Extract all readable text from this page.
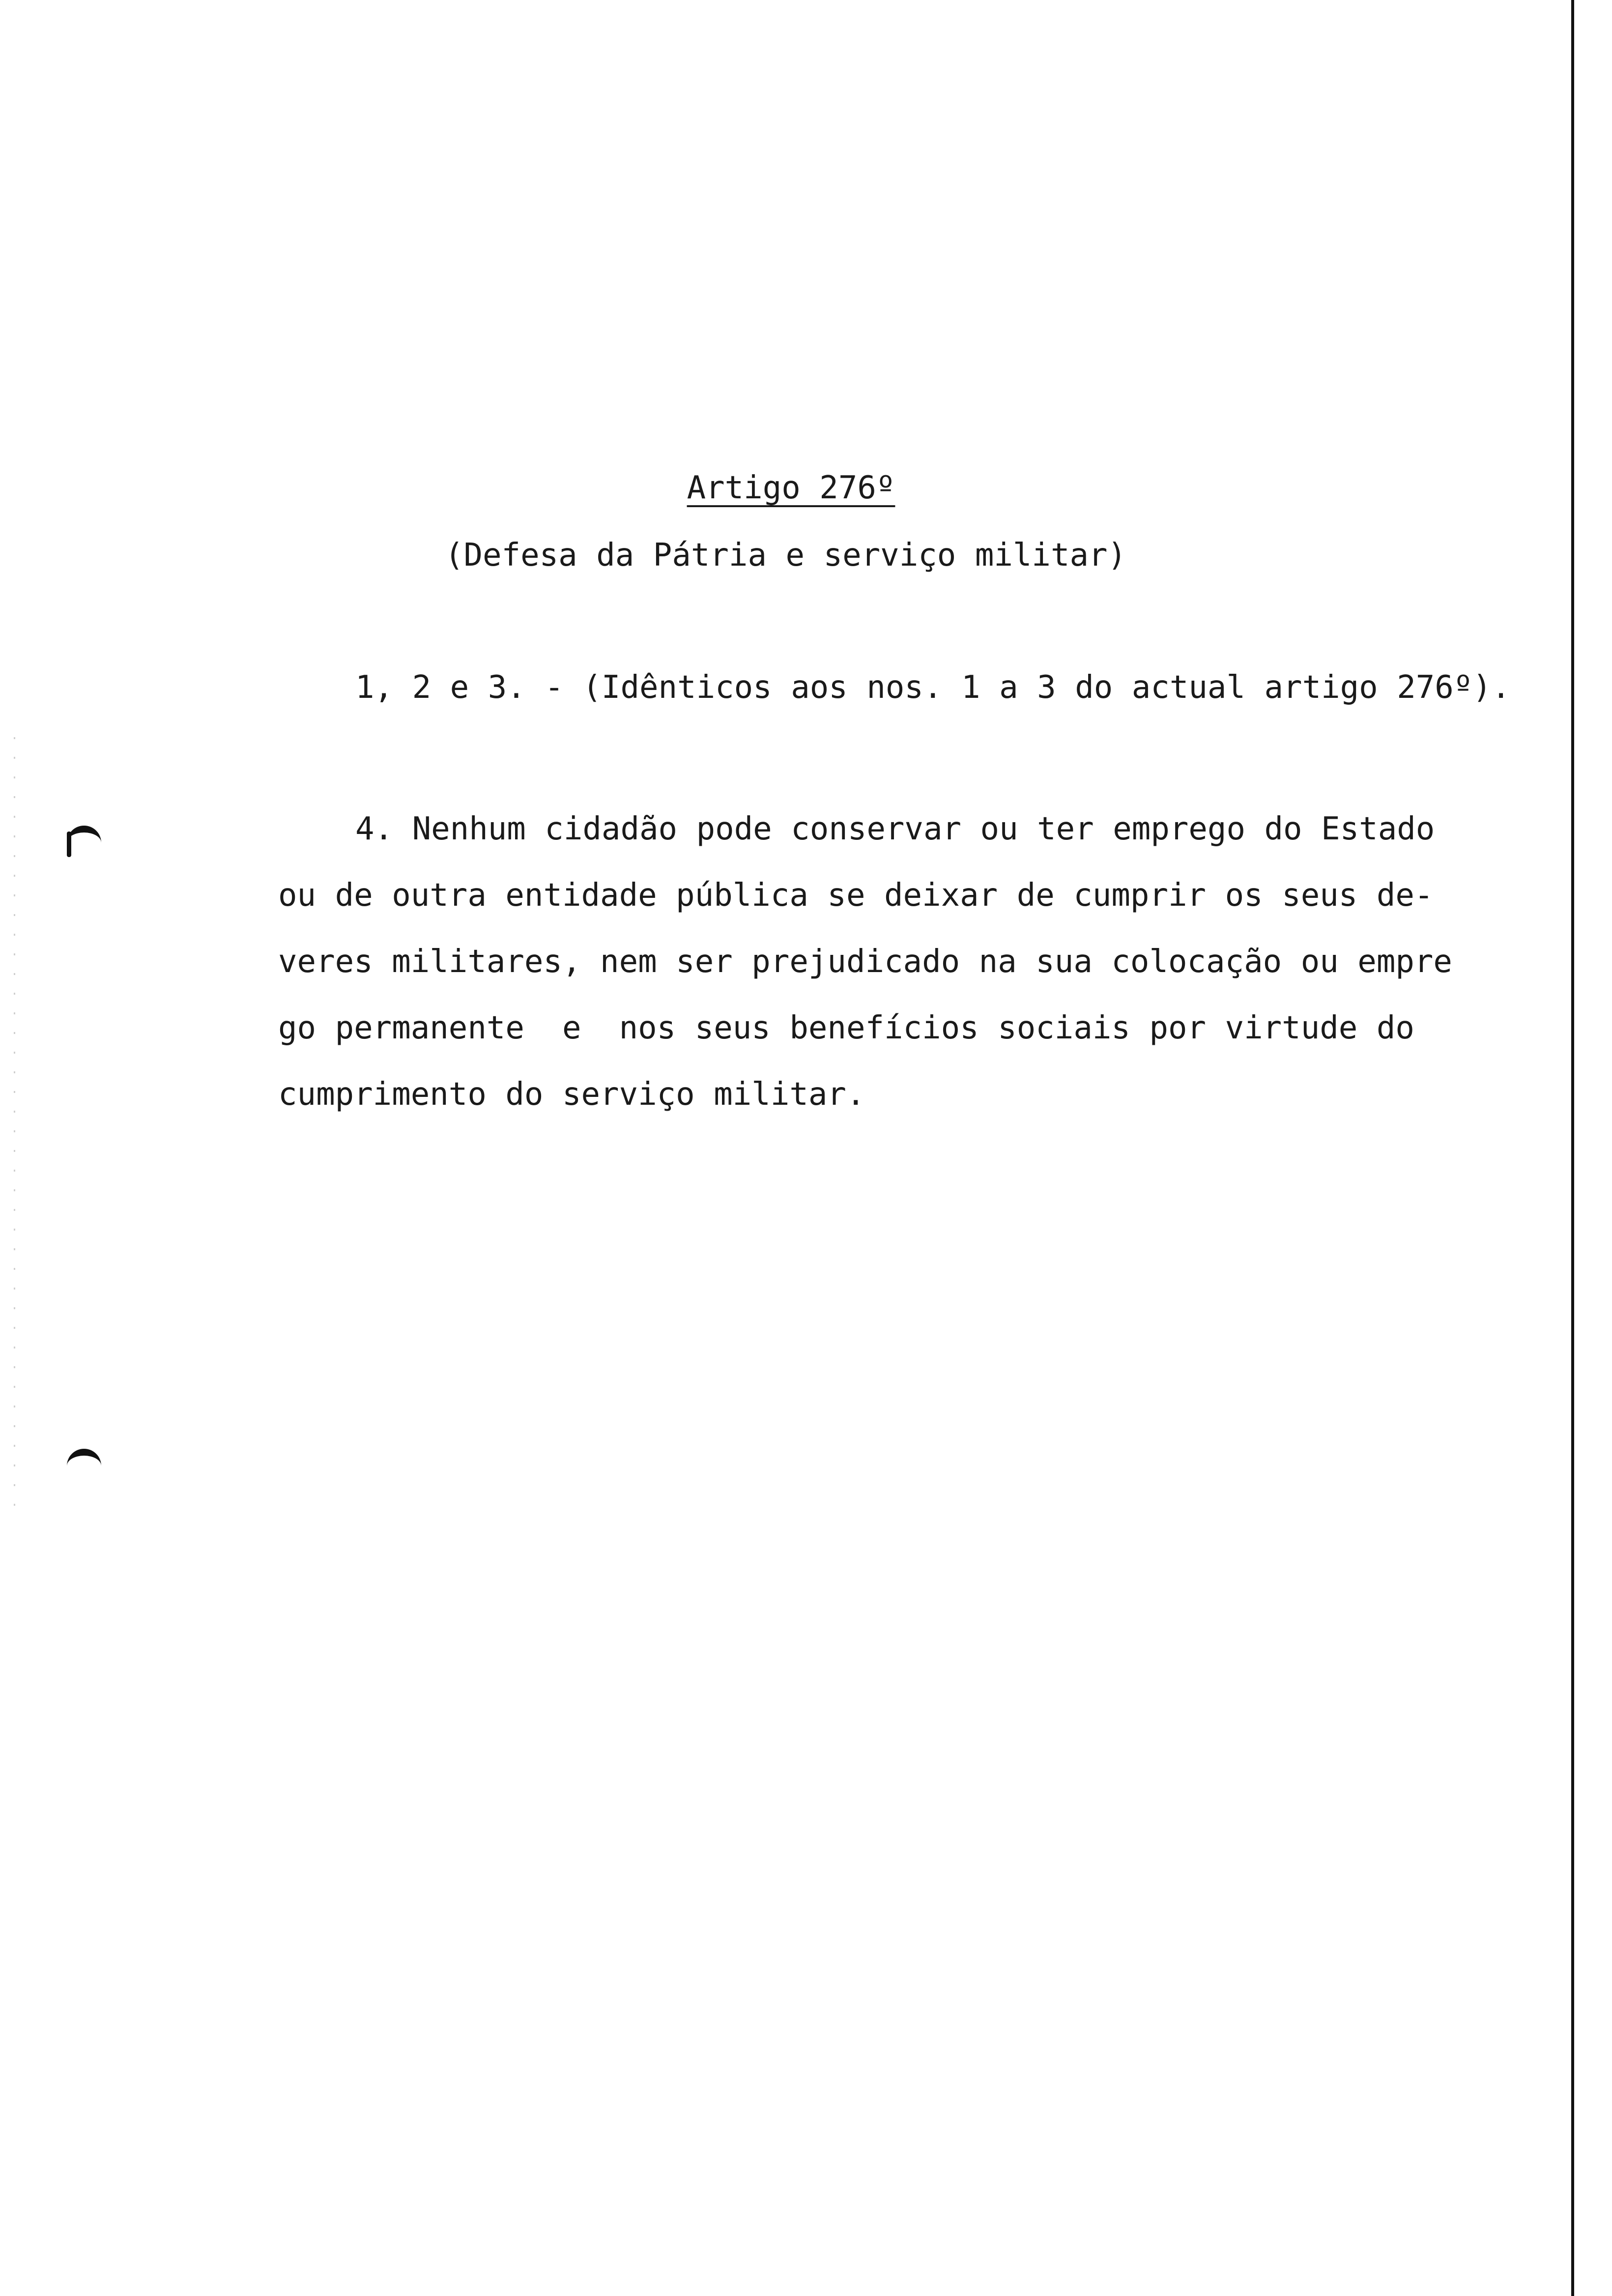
Artigo 276º
(Defesa da Pátria e serviço militar)
1, 2 e 3. - (Idênticos aos nos. 1 a 3 do actual artigo 276º).
4. Nenhum cidadão pode conservar ou ter emprego do Estado
ou de outra entidade pública se deixar de cumprir os seus de-
veres militares, nem ser prejudicado na sua colocação ou empre
go permanente  e  nos seus benefícios sociais por virtude do
cumprimento do serviço militar.
